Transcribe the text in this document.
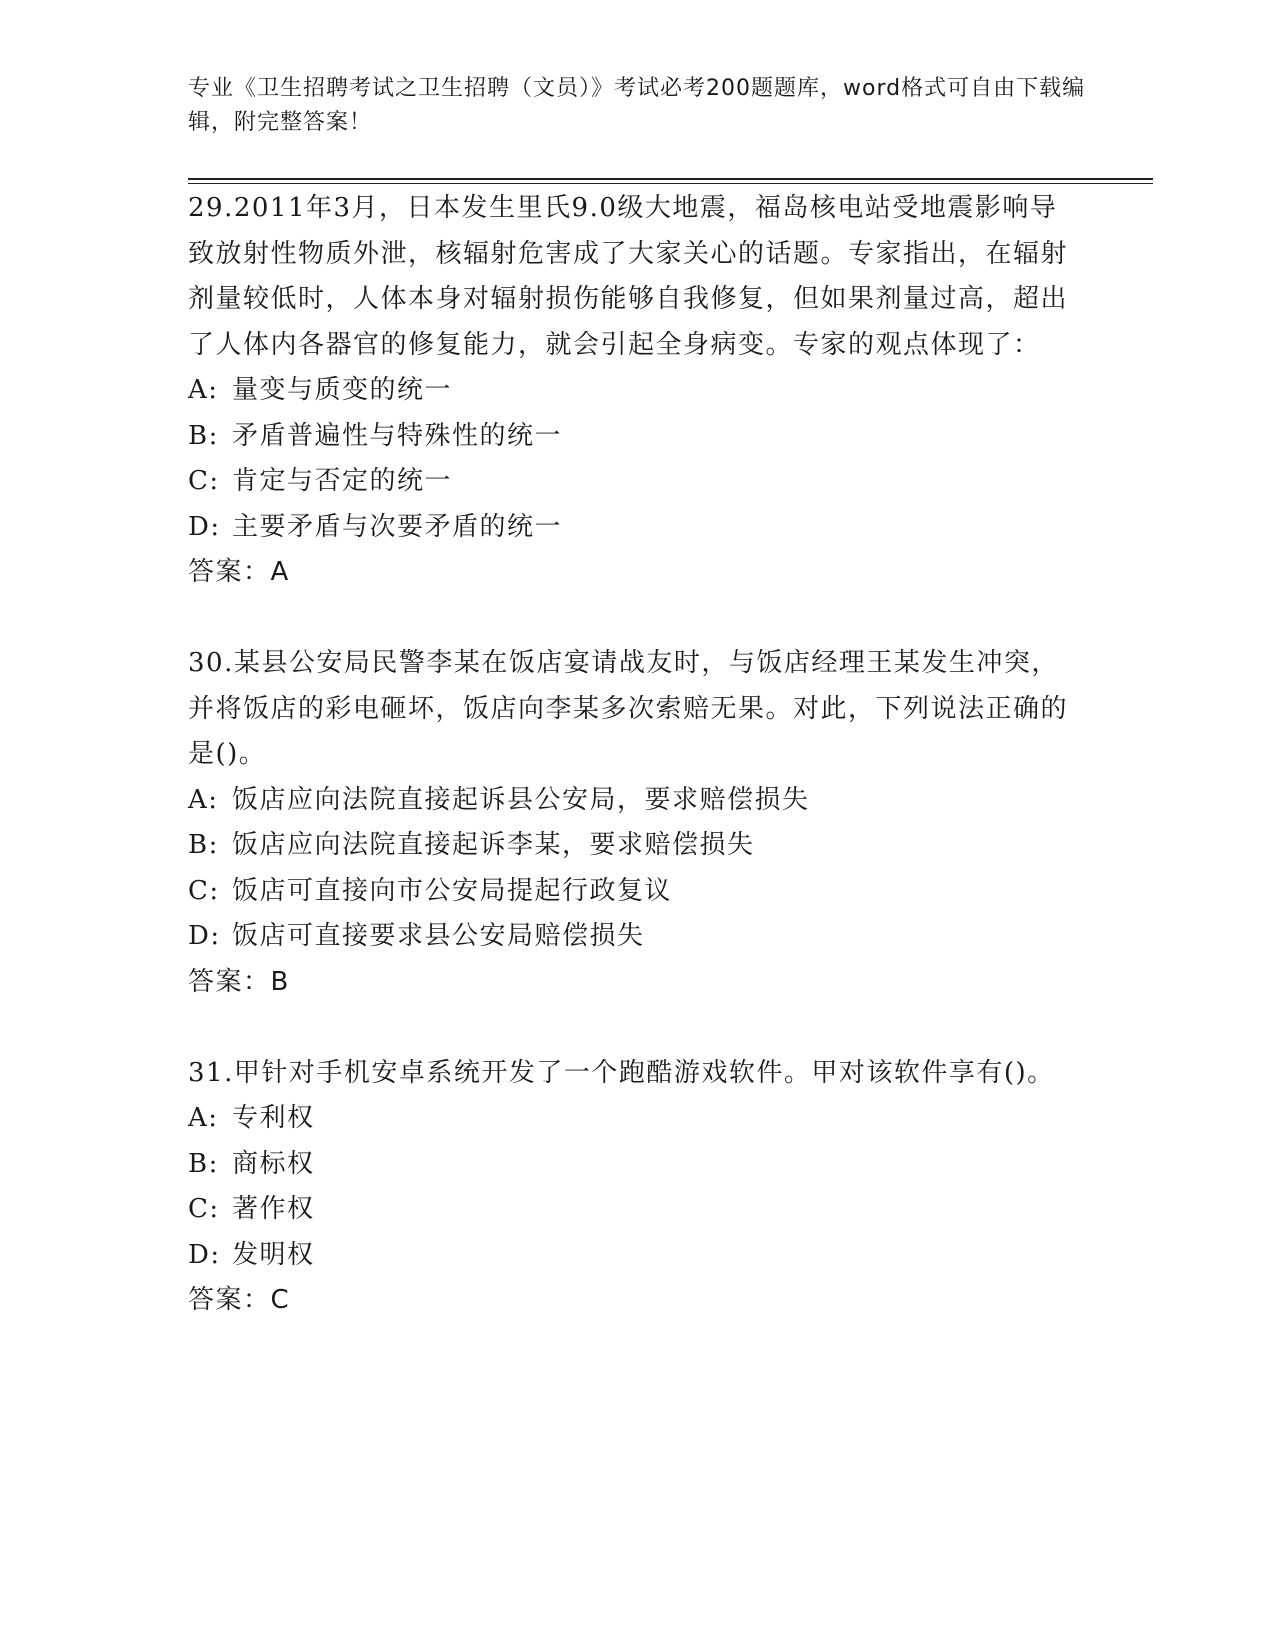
专业《卫生招聘考试之卫生招聘（文员）》考试必考200题题库，word格式可自由下载编辑，附完整答案！

29.2011年3月，日本发生里氏9.0级大地震，福岛核电站受地震影响导致放射性物质外泄，核辐射危害成了大家关心的话题。专家指出，在辐射剂量较低时，人体本身对辐射损伤能够自我修复，但如果剂量过高，超出了人体内各器官的修复能力，就会引起全身病变。专家的观点体现了：

A: 量变与质变的统一

B: 矛盾普遍性与特殊性的统一

C: 肯定与否定的统一

D: 主要矛盾与次要矛盾的统一

答案：A

30.某县公安局民警李某在饭店宴请战友时，与饭店经理王某发生冲突，并将饭店的彩电砸坏，饭店向李某多次索赔无果。对此，下列说法正确的是()。

A: 饭店应向法院直接起诉县公安局，要求赔偿损失

B: 饭店应向法院直接起诉李某，要求赔偿损失

C: 饭店可直接向市公安局提起行政复议

D: 饭店可直接要求县公安局赔偿损失

答案：B

31.甲针对手机安卓系统开发了一个跑酷游戏软件。甲对该软件享有()。

A: 专利权

B: 商标权

C: 著作权

D: 发明权

答案：C
